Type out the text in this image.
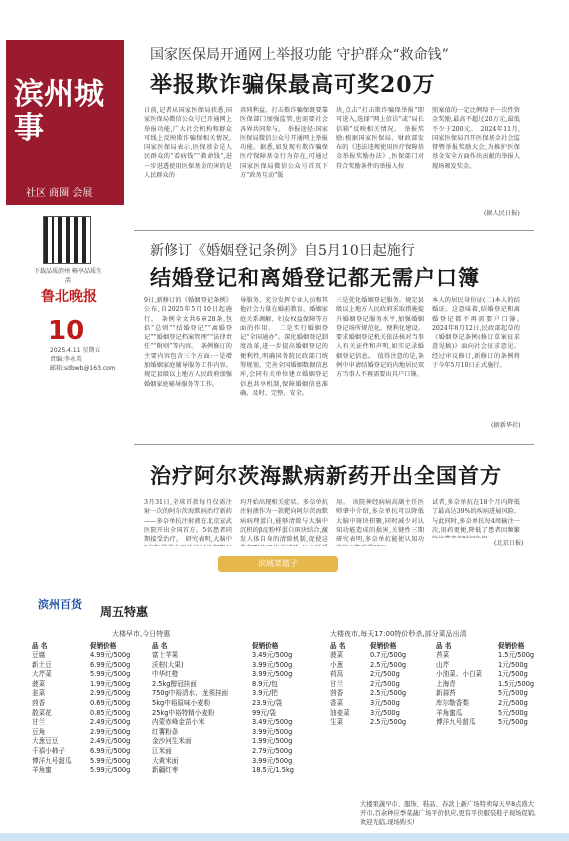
滨州城事
社区 商圈 会展
下载品质滨州 畅享品质生活
鲁北晚报
10
2025.4.11 星期五
责编:李永英
邮箱:sdbwb@163.com
国家医保局开通网上举报功能 守护群众“救命钱”
举报欺诈骗保最高可奖20万
日前,记者从国家医保局获悉,国家医保局微信公众号已开通网上举报功能,广大社会机构和群众可线上反映欺诈骗保相关情况。　国家医保局表示,医保基金是人民群众的“看病钱”“救命钱”,进一步进透使用医保基金的害的是人民群众的
共同利益。打击欺诈骗保既要靠医保部门加强监管,也需要社会各界共同参与。　举报途径:国家医保局微信公众号开通网上举报功能。据悉,如发现有欺诈骗保医疗保障基金行为存在,可通过国家医保局微信公众号首页下方“政务互动”版
块,点击“打击欺诈骗保举报”即可进入,选择“网上信访”或“局长信箱”反映相关情况。　举报奖励:根据国家医保局、财政部发布的《违法违规使用医疗保障基金举报奖励办法》,医保部门对符合奖励条件的举报人按
照案值的一定比例给予一次性资金奖励,最高不超过20万元,最低不少于200元。　2024年11月,国家医保局召开医保基金社会监督暨举报奖励大会,为推护医保基金安全方面作出贡献的举报人现场颁发奖金。
(据人民日报)
新修订《婚姻登记条例》自5月10日起施行
结婚登记和离婚登记都无需户口簿
9日,新修订的《婚姻登记条例》公布,自2025年5月10日起施行。　条例全文共6章28条,包括“总则”“结婚登记”“离婚登记”“婚姻登记档案管理”“法律责任”“附则”等内容。　条例修订的主要内容包含三个方面:一是增加婚姻家庭辅导服务工作内容。规定县级以上地方人民政府加强婚姻家庭辅导服务等工作。
导服务、充分发挥专业人员和其他社会力量在婚前教育、婚姻家庭关系调解、妇女权益保障等方面的作用。　二是实行婚姻登记“全国通办”。深化婚姻登记制度改革,进一步提高婚姻登记的便利性,明确国务院民政部门统筹规划、完善全国婚姻数据信息库,会同有关单位建立婚姻登记信息共享机制,保障婚姻信息准确、及时、完整、安全。
三是优化婚姻登记服务。规定县级以上地方人民政府采取措施提升婚姻登记服务水平,加强婚姻登记场所规范化、便利化建设。要求婚姻登记机关依法核对当事人有关证件和声明,如实记录婚姻登记信息。　值得注意的是,条例中申请结婚登记的内地居民双方当事人不再需要出具户口簿。
本人的居民身份证(二)本人的结婚证。这意味着,结婚登记和离婚登记都不再需要户口簿。　2024年8月12日,民政部起草的《婚姻登记条例(修订草案征求意见稿)》面向社会征求意见。经过审议修订,新修订的条例将于今年5月10日正式施行。
(据新华社)
治疗阿尔茨海默病新药开出全国首方
3月31日,全球首款每月仅需注射一次的阿尔茨海默病治疗新药——多奈单抗注射液在北京宣武医院开出全国首方。5名患者同期接受治疗。　研究表明,大脑中
均开始出现相关症状。多奈单抗注射液作为一款靶向阿尔茨海默病病理蛋白,能够清除与大脑中沉积的β淀粉样蛋白斑块结合,激发人体自身的清除机制,促使这
用。　该院神经病病高副主任医师肇中介绍,多奈单抗可以降低大脑中斑块积聚,同时减少对认知功能造成的损害,关键性三期研究表明,多奈单抗能使认知功
试者,多奈单抗在18个月内降低了最高达39%的疾病进展风险。与此同时,多奈单抗每4周输注一次,用药更便,降低了患者因频繁
(北京日报)
滨城菜篮子
滨州百货
周五特惠
大楼早市,今日特惠	大楼夜市,每天17:00特价秒杀,部分菜品出清
品 名	促销价格
豆腐	4.99元/500g
新土豆	6.99元/500g
大芹菜	5.99元/500g
菠菜	1.99元/500g
韭菜	2.99元/500g
茴香	0.69元/500g
散菜花	0.85元/500g
甘兰	2.49元/500g
豆角	2.99元/500g
大葱豆豆	2.49元/500g
千禧小柿子	6.99元/500g
博洋九号甜瓜	5.99元/500g
羊角蜜	5.99元/500g
品 名	促销价格
富士苹果	3.49元/500g
沃柑(大果)	3.99元/500g
中华红橙	3.99元/500g
2.5kg醇冠挂面	8.9元/包
750g中裕清水、龙须挂面	3.9元/把
5kg中裕原味小麦粉	23.9元/袋
25kg中裕特精小麦粉	99元/袋
内蒙赤峰金苗小米	3.49元/500g
红薯粉条	3.99元/500g
金沙河生米面	1.99元/500g
江米面	2.79元/500g
大黄米面	3.99元/500g
新疆红枣	18.5元/1.5kg
品 名	促销价格
菠菜	0.7元/500g
小葱	2.5元/500g
荷莴	2元/500g
甘兰	2元/500g
茴香	2.5元/500g
香菜	3元/500g
油麦菜	3元/500g
生菜	2.5元/500g
品 名	促销价格
苔菜	1.5元/500g
山芹	1元/500g
小油菜、小白菜	1元/500g
上海青	1.5元/500g
新蒜苔	5元/500g
库尔勒香梨	2元/500g
羊角蜜瓜	5元/500g
博洋九号甜瓜	5元/500g
大楼果蔬早市、服饰、鞋品、春款上新广场特卖每天早8点盛大开市,百余种应季菜蔬广场平价供应,更有平价服装鞋子现场促销,欢迎光临,现场购买!
